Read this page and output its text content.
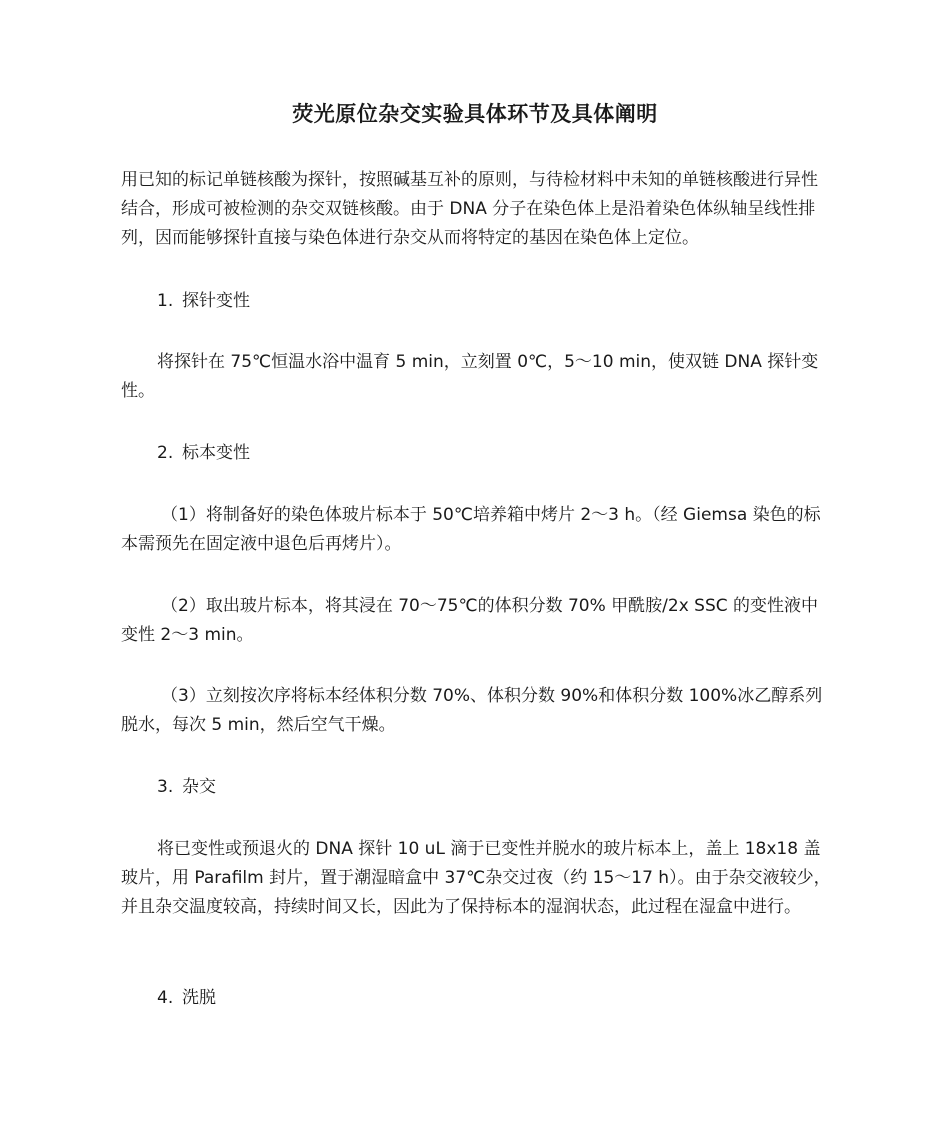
荧光原位杂交实验具体环节及具体阐明

用已知的标记单链核酸为探针，按照碱基互补的原则，与待检材料中未知的单链核酸进行异性结合，形成可被检测的杂交双链核酸。由于 DNA 分子在染色体上是沿着染色体纵轴呈线性排列，因而能够探针直接与染色体进行杂交从而将特定的基因在染色体上定位。

1. 探针变性

将探针在 75℃恒温水浴中温育 5 min，立刻置 0℃，5～10 min，使双链 DNA 探针变性。

2. 标本变性

（1）将制备好的染色体玻片标本于 50℃培养箱中烤片 2～3 h。（经 Giemsa 染色的标本需预先在固定液中退色后再烤片）。

（2）取出玻片标本，将其浸在 70～75℃的体积分数 70% 甲酰胺/2x SSC 的变性液中变性 2～3 min。

（3）立刻按次序将标本经体积分数 70%、体积分数 90%和体积分数 100%冰乙醇系列脱水，每次 5 min，然后空气干燥。

3. 杂交

将已变性或预退火的 DNA 探针 10 uL 滴于已变性并脱水的玻片标本上，盖上 18x18 盖玻片，用 Parafilm 封片，置于潮湿暗盒中 37℃杂交过夜（约 15～17 h）。由于杂交液较少，并且杂交温度较高，持续时间又长，因此为了保持标本的湿润状态，此过程在湿盒中进行。

4. 洗脱
